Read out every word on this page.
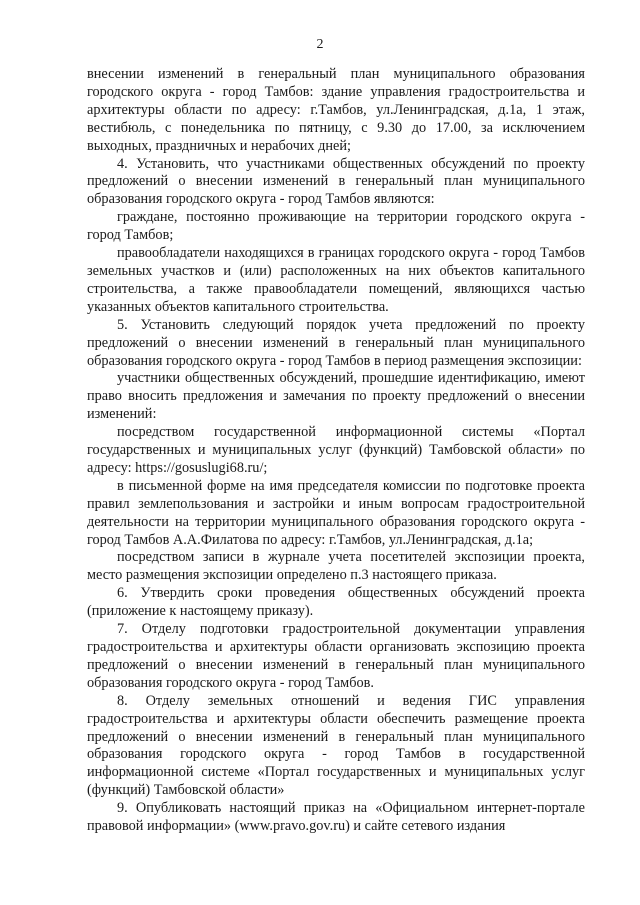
2

внесении изменений в генеральный план муниципального образования городского округа - город Тамбов: здание управления градостроительства и архитектуры области по адресу: г.Тамбов, ул.Ленинградская, д.1а, 1 этаж, вестибюль, с понедельника по пятницу, с 9.30 до 17.00, за исключением выходных, праздничных и нерабочих дней;

4. Установить, что участниками общественных обсуждений по проекту предложений о внесении изменений в генеральный план муниципального образования городского округа - город Тамбов являются:

граждане, постоянно проживающие на территории городского округа - город Тамбов;

правообладатели находящихся в границах городского округа - город Тамбов земельных участков и (или) расположенных на них объектов капитального строительства, а также правообладатели помещений, являющихся частью указанных объектов капитального строительства.

5. Установить следующий порядок учета предложений по проекту предложений о внесении изменений в генеральный план муниципального образования городского округа - город Тамбов в период размещения экспозиции:

участники общественных обсуждений, прошедшие идентификацию, имеют право вносить предложения и замечания по проекту предложений о внесении изменений:

посредством государственной информационной системы «Портал государственных и муниципальных услуг (функций) Тамбовской области» по адресу: https://gosuslugi68.ru/;

в письменной форме на имя председателя комиссии по подготовке проекта правил землепользования и застройки и иным вопросам градостроительной деятельности на территории муниципального образования городского округа - город Тамбов А.А.Филатова по адресу: г.Тамбов, ул.Ленинградская, д.1а;

посредством записи в журнале учета посетителей экспозиции проекта, место размещения экспозиции определено п.3 настоящего приказа.

6. Утвердить сроки проведения общественных обсуждений проекта (приложение к настоящему приказу).

7. Отделу подготовки градостроительной документации управления градостроительства и архитектуры области организовать экспозицию проекта предложений о внесении изменений в генеральный план муниципального образования городского округа - город Тамбов.

8. Отделу земельных отношений и ведения ГИС управления градостроительства и архитектуры области обеспечить размещение проекта предложений о внесении изменений в генеральный план муниципального образования городского округа - город Тамбов в государственной информационной системе «Портал государственных и муниципальных услуг (функций) Тамбовской области»

9. Опубликовать настоящий приказ на «Официальном интернет-портале правовой информации» (www.pravo.gov.ru) и сайте сетевого издания
